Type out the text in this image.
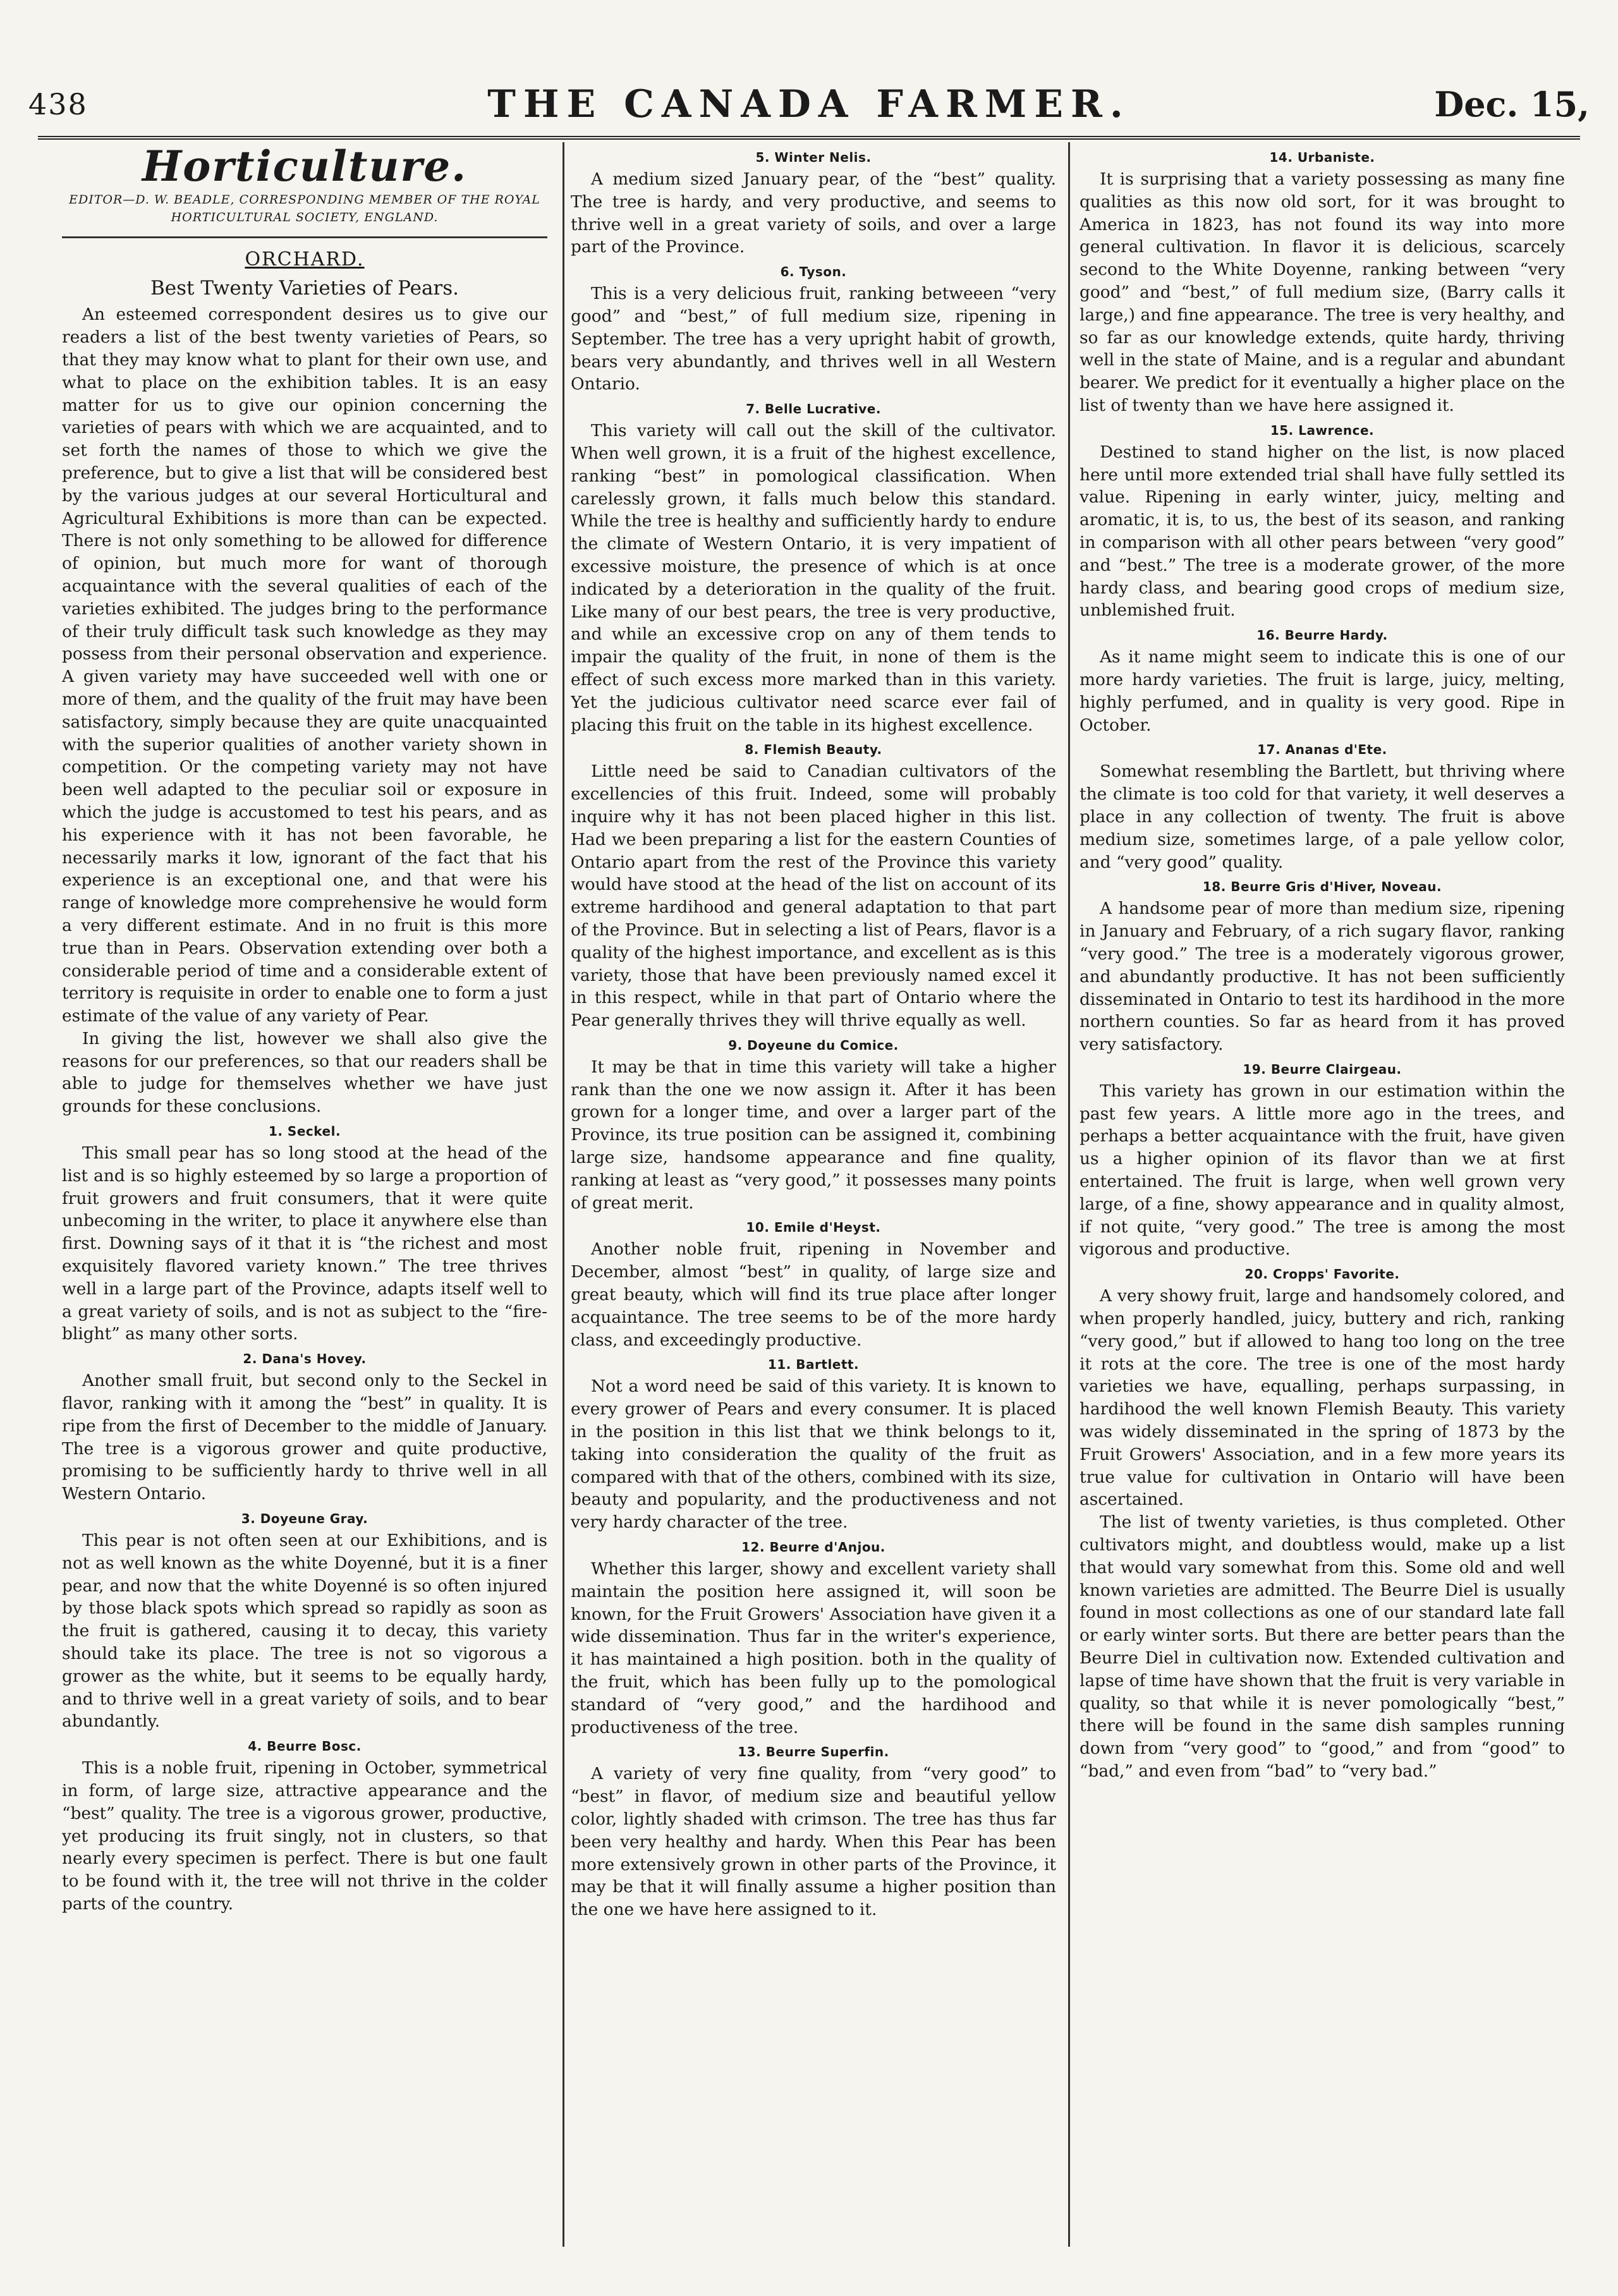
438	THE CANADA FARMER.	Dec. 15,
Horticulture.
EDITOR—D. W. BEADLE, CORRESPONDING MEMBER OF THE ROYAL HORTICULTURAL SOCIETY, ENGLAND.
ORCHARD.
Best Twenty Varieties of Pears.

An esteemed correspondent desires us to give our readers a list of the best twenty varieties of Pears, so that they may know what to plant for their own use, and what to place on the exhibition tables. It is an easy matter for us to give our opinion concerning the varieties of pears with which we are acquainted, and to set forth the names of those to which we give the preference, but to give a list that will be considered best by the various judges at our several Horticultural and Agricultural Exhibitions is more than can be expected. There is not only something to be allowed for difference of opinion, but much more for want of thorough acquaintance with the several qualities of each of the varieties exhibited. The judges bring to the performance of their truly difficult task such knowledge as they may possess from their personal observation and experience. A given variety may have succeeded well with one or more of them, and the quality of the fruit may have been satisfactory, simply because they are quite unacquainted with the superior qualities of another variety shown in competition. Or the competing variety may not have been well adapted to the peculiar soil or exposure in which the judge is accustomed to test his pears, and as his experience with it has not been favorable, he necessarily marks it low, ignorant of the fact that his experience is an exceptional one, and that were his range of knowledge more comprehensive he would form a very different estimate. And in no fruit is this more true than in Pears. Observation extending over both a considerable period of time and a considerable extent of territory is requisite in order to enable one to form a just estimate of the value of any variety of Pear.

In giving the list, however we shall also give the reasons for our preferences, so that our readers shall be able to judge for themselves whether we have just grounds for these conclusions.

1. Seckel.

This small pear has so long stood at the head of the list and is so highly esteemed by so large a proportion of fruit growers and fruit consumers, that it were quite unbecoming in the writer, to place it anywhere else than first. Downing says of it that it is “the richest and most exquisitely flavored variety known.” The tree thrives well in a large part of the Province, adapts itself well to a great variety of soils, and is not as subject to the “fire-blight” as many other sorts.

2. Dana's Hovey.

Another small fruit, but second only to the Seckel in flavor, ranking with it among the “best” in quality. It is ripe from the first of December to the middle of January. The tree is a vigorous grower and quite productive, promising to be sufficiently hardy to thrive well in all Western Ontario.

3. Doyeune Gray.

This pear is not often seen at our Exhibitions, and is not as well known as the white Doyenné, but it is a finer pear, and now that the white Doyenné is so often injured by those black spots which spread so rapidly as soon as the fruit is gathered, causing it to decay, this variety should take its place. The tree is not so vigorous a grower as the white, but it seems to be equally hardy, and to thrive well in a great variety of soils, and to bear abundantly.

4. Beurre Bosc.

This is a noble fruit, ripening in October, symmetrical in form, of large size, attractive appearance and the “best” quality. The tree is a vigorous grower, productive, yet producing its fruit singly, not in clusters, so that nearly every specimen is perfect. There is but one fault to be found with it, the tree will not thrive in the colder parts of the country.

5. Winter Nelis.

A medium sized January pear, of the “best” quality. The tree is hardy, and very productive, and seems to thrive well in a great variety of soils, and over a large part of the Province.

6. Tyson.

This is a very delicious fruit, ranking betweeen “very good” and “best,” of full medium size, ripening in September. The tree has a very upright habit of growth, bears very abundantly, and thrives well in all Western Ontario.

7. Belle Lucrative.

This variety will call out the skill of the cultivator. When well grown, it is a fruit of the highest excellence, ranking “best” in pomological classification. When carelessly grown, it falls much below this standard. While the tree is healthy and sufficiently hardy to endure the climate of Western Ontario, it is very impatient of excessive moisture, the presence of which is at once indicated by a deterioration in the quality of the fruit. Like many of our best pears, the tree is very productive, and while an excessive crop on any of them tends to impair the quality of the fruit, in none of them is the effect of such excess more marked than in this variety. Yet the judicious cultivator need scarce ever fail of placing this fruit on the table in its highest excellence.

8. Flemish Beauty.

Little need be said to Canadian cultivators of the excellencies of this fruit. Indeed, some will probably inquire why it has not been placed higher in this list. Had we been preparing a list for the eastern Counties of Ontario apart from the rest of the Province this variety would have stood at the head of the list on account of its extreme hardihood and general adaptation to that part of the Province. But in selecting a list of Pears, flavor is a quality of the highest importance, and excellent as is this variety, those that have been previously named excel it in this respect, while in that part of Ontario where the Pear generally thrives they will thrive equally as well.

9. Doyeune du Comice.

It may be that in time this variety will take a higher rank than the one we now assign it. After it has been grown for a longer time, and over a larger part of the Province, its true position can be assigned it, combining large size, handsome appearance and fine quality, ranking at least as “very good,” it possesses many points of great merit.

10. Emile d'Heyst.

Another noble fruit, ripening in November and December, almost “best” in quality, of large size and great beauty, which will find its true place after longer acquaintance. The tree seems to be of the more hardy class, and exceedingly productive.

11. Bartlett.

Not a word need be said of this variety. It is known to every grower of Pears and every consumer. It is placed in the position in this list that we think belongs to it, taking into consideration the quality of the fruit as compared with that of the others, combined with its size, beauty and popularity, and the productiveness and not very hardy character of the tree.

12. Beurre d'Anjou.

Whether this larger, showy and excellent variety shall maintain the position here assigned it, will soon be known, for the Fruit Growers' Association have given it a wide dissemination. Thus far in the writer's experience, it has maintained a high position. both in the quality of the fruit, which has been fully up to the pomological standard of “very good,” and the hardihood and productiveness of the tree.

13. Beurre Superfin.

A variety of very fine quality, from “very good” to “best” in flavor, of medium size and beautiful yellow color, lightly shaded with crimson. The tree has thus far been very healthy and hardy. When this Pear has been more extensively grown in other parts of the Province, it may be that it will finally assume a higher position than the one we have here assigned to it.

14. Urbaniste.

It is surprising that a variety possessing as many fine qualities as this now old sort, for it was brought to America in 1823, has not found its way into more general cultivation. In flavor it is delicious, scarcely second to the White Doyenne, ranking between “very good” and “best,” of full medium size, (Barry calls it large,) and fine appearance. The tree is very healthy, and so far as our knowledge extends, quite hardy, thriving well in the state of Maine, and is a regular and abundant bearer. We predict for it eventually a higher place on the list of twenty than we have here assigned it.

15. Lawrence.

Destined to stand higher on the list, is now placed here until more extended trial shall have fully settled its value. Ripening in early winter, juicy, melting and aromatic, it is, to us, the best of its season, and ranking in comparison with all other pears between “very good” and “best.” The tree is a moderate grower, of the more hardy class, and bearing good crops of medium size, unblemished fruit.

16. Beurre Hardy.

As it name might seem to indicate this is one of our more hardy varieties. The fruit is large, juicy, melting, highly perfumed, and in quality is very good. Ripe in October.

17. Ananas d'Ete.

Somewhat resembling the Bartlett, but thriving where the climate is too cold for that variety, it well deserves a place in any collection of twenty. The fruit is above medium size, sometimes large, of a pale yellow color, and “very good” quality.

18. Beurre Gris d'Hiver, Noveau.

A handsome pear of more than medium size, ripening in January and February, of a rich sugary flavor, ranking “very good.” The tree is a moderately vigorous grower, and abundantly productive. It has not been sufficiently disseminated in Ontario to test its hardihood in the more northern counties. So far as heard from it has proved very satisfactory.

19. Beurre Clairgeau.

This variety has grown in our estimation within the past few years. A little more ago in the trees, and perhaps a better acquaintance with the fruit, have given us a higher opinion of its flavor than we at first entertained. The fruit is large, when well grown very large, of a fine, showy appearance and in quality almost, if not quite, “very good.” The tree is among the most vigorous and productive.

20. Cropps' Favorite.

A very showy fruit, large and handsomely colored, and when properly handled, juicy, buttery and rich, ranking “very good,” but if allowed to hang too long on the tree it rots at the core. The tree is one of the most hardy varieties we have, equalling, perhaps surpassing, in hardihood the well known Flemish Beauty. This variety was widely disseminated in the spring of 1873 by the Fruit Growers' Association, and in a few more years its true value for cultivation in Ontario will have been ascertained.

The list of twenty varieties, is thus completed. Other cultivators might, and doubtless would, make up a list that would vary somewhat from this. Some old and well known varieties are admitted. The Beurre Diel is usually found in most collections as one of our standard late fall or early winter sorts. But there are better pears than the Beurre Diel in cultivation now. Extended cultivation and lapse of time have shown that the fruit is very variable in quality, so that while it is never pomologically “best,” there will be found in the same dish samples running down from “very good” to “good,” and from “good” to “bad,” and even from “bad” to “very bad.”
